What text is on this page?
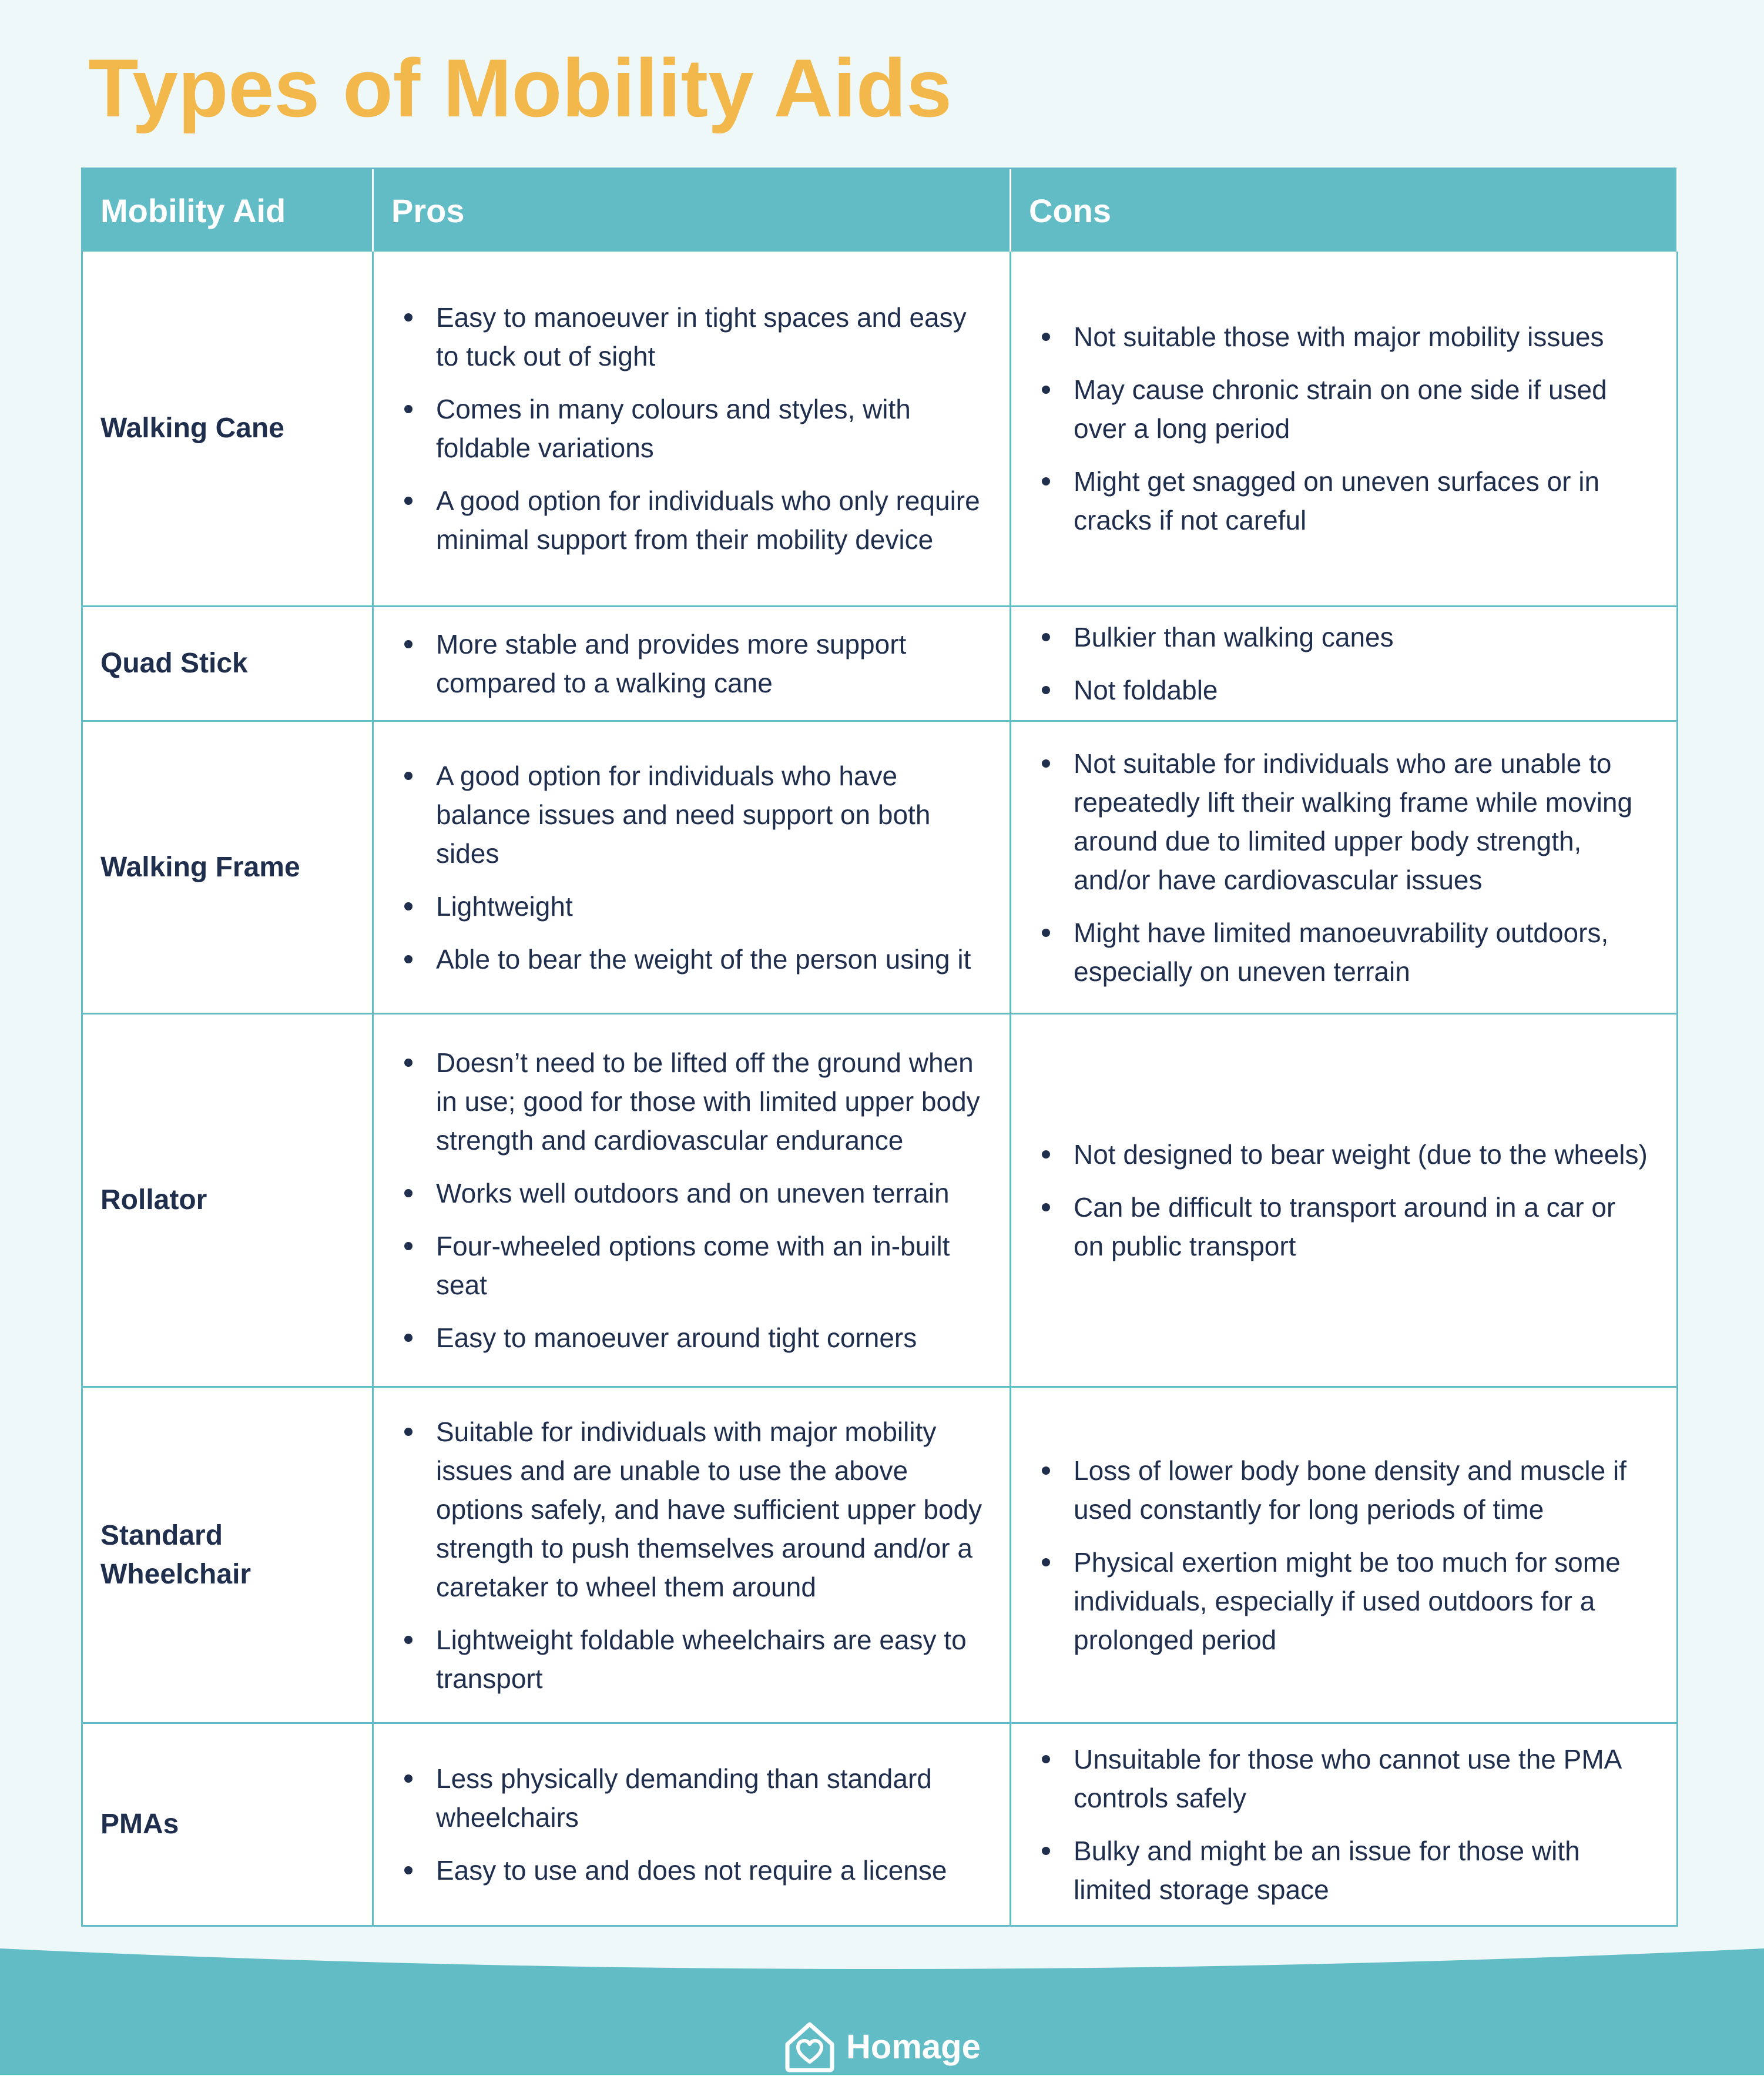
Types of Mobility Aids
Mobility Aid	Pros	Cons
Walking Cane
Easy to manoeuver in tight spaces and easy to tuck out of sight
Comes in many colours and styles, with foldable variations
A good option for individuals who only require minimal support from their mobility device
Not suitable those with major mobility issues
May cause chronic strain on one side if used over a long period
Might get snagged on uneven surfaces or in cracks if not careful
Quad Stick
More stable and provides more support compared to a walking cane
Bulkier than walking canes
Not foldable
Walking Frame
A good option for individuals who have balance issues and need support on both sides
Lightweight
Able to bear the weight of the person using it
Not suitable for individuals who are unable to repeatedly lift their walking frame while moving around due to limited upper body strength, and/or have cardiovascular issues
Might have limited manoeuvrability outdoors, especially on uneven terrain
Rollator
Doesn’t need to be lifted off the ground when in use; good for those with limited upper body strength and cardiovascular endurance
Works well outdoors and on uneven terrain
Four-wheeled options come with an in-built seat
Easy to manoeuver around tight corners
Not designed to bear weight (due to the wheels)
Can be difficult to transport around in a car or on public transport
Standard Wheelchair
Suitable for individuals with major mobility issues and are unable to use the above options safely, and have sufficient upper body strength to push themselves around and/or a caretaker to wheel them around
Lightweight foldable wheelchairs are easy to transport
Loss of lower body bone density and muscle if used constantly for long periods of time
Physical exertion might be too much for some individuals, especially if used outdoors for a prolonged period
PMAs
Less physically demanding than standard wheelchairs
Easy to use and does not require a license
Unsuitable for those who cannot use the PMA controls safely
Bulky and might be an issue for those with limited storage space
Homage
